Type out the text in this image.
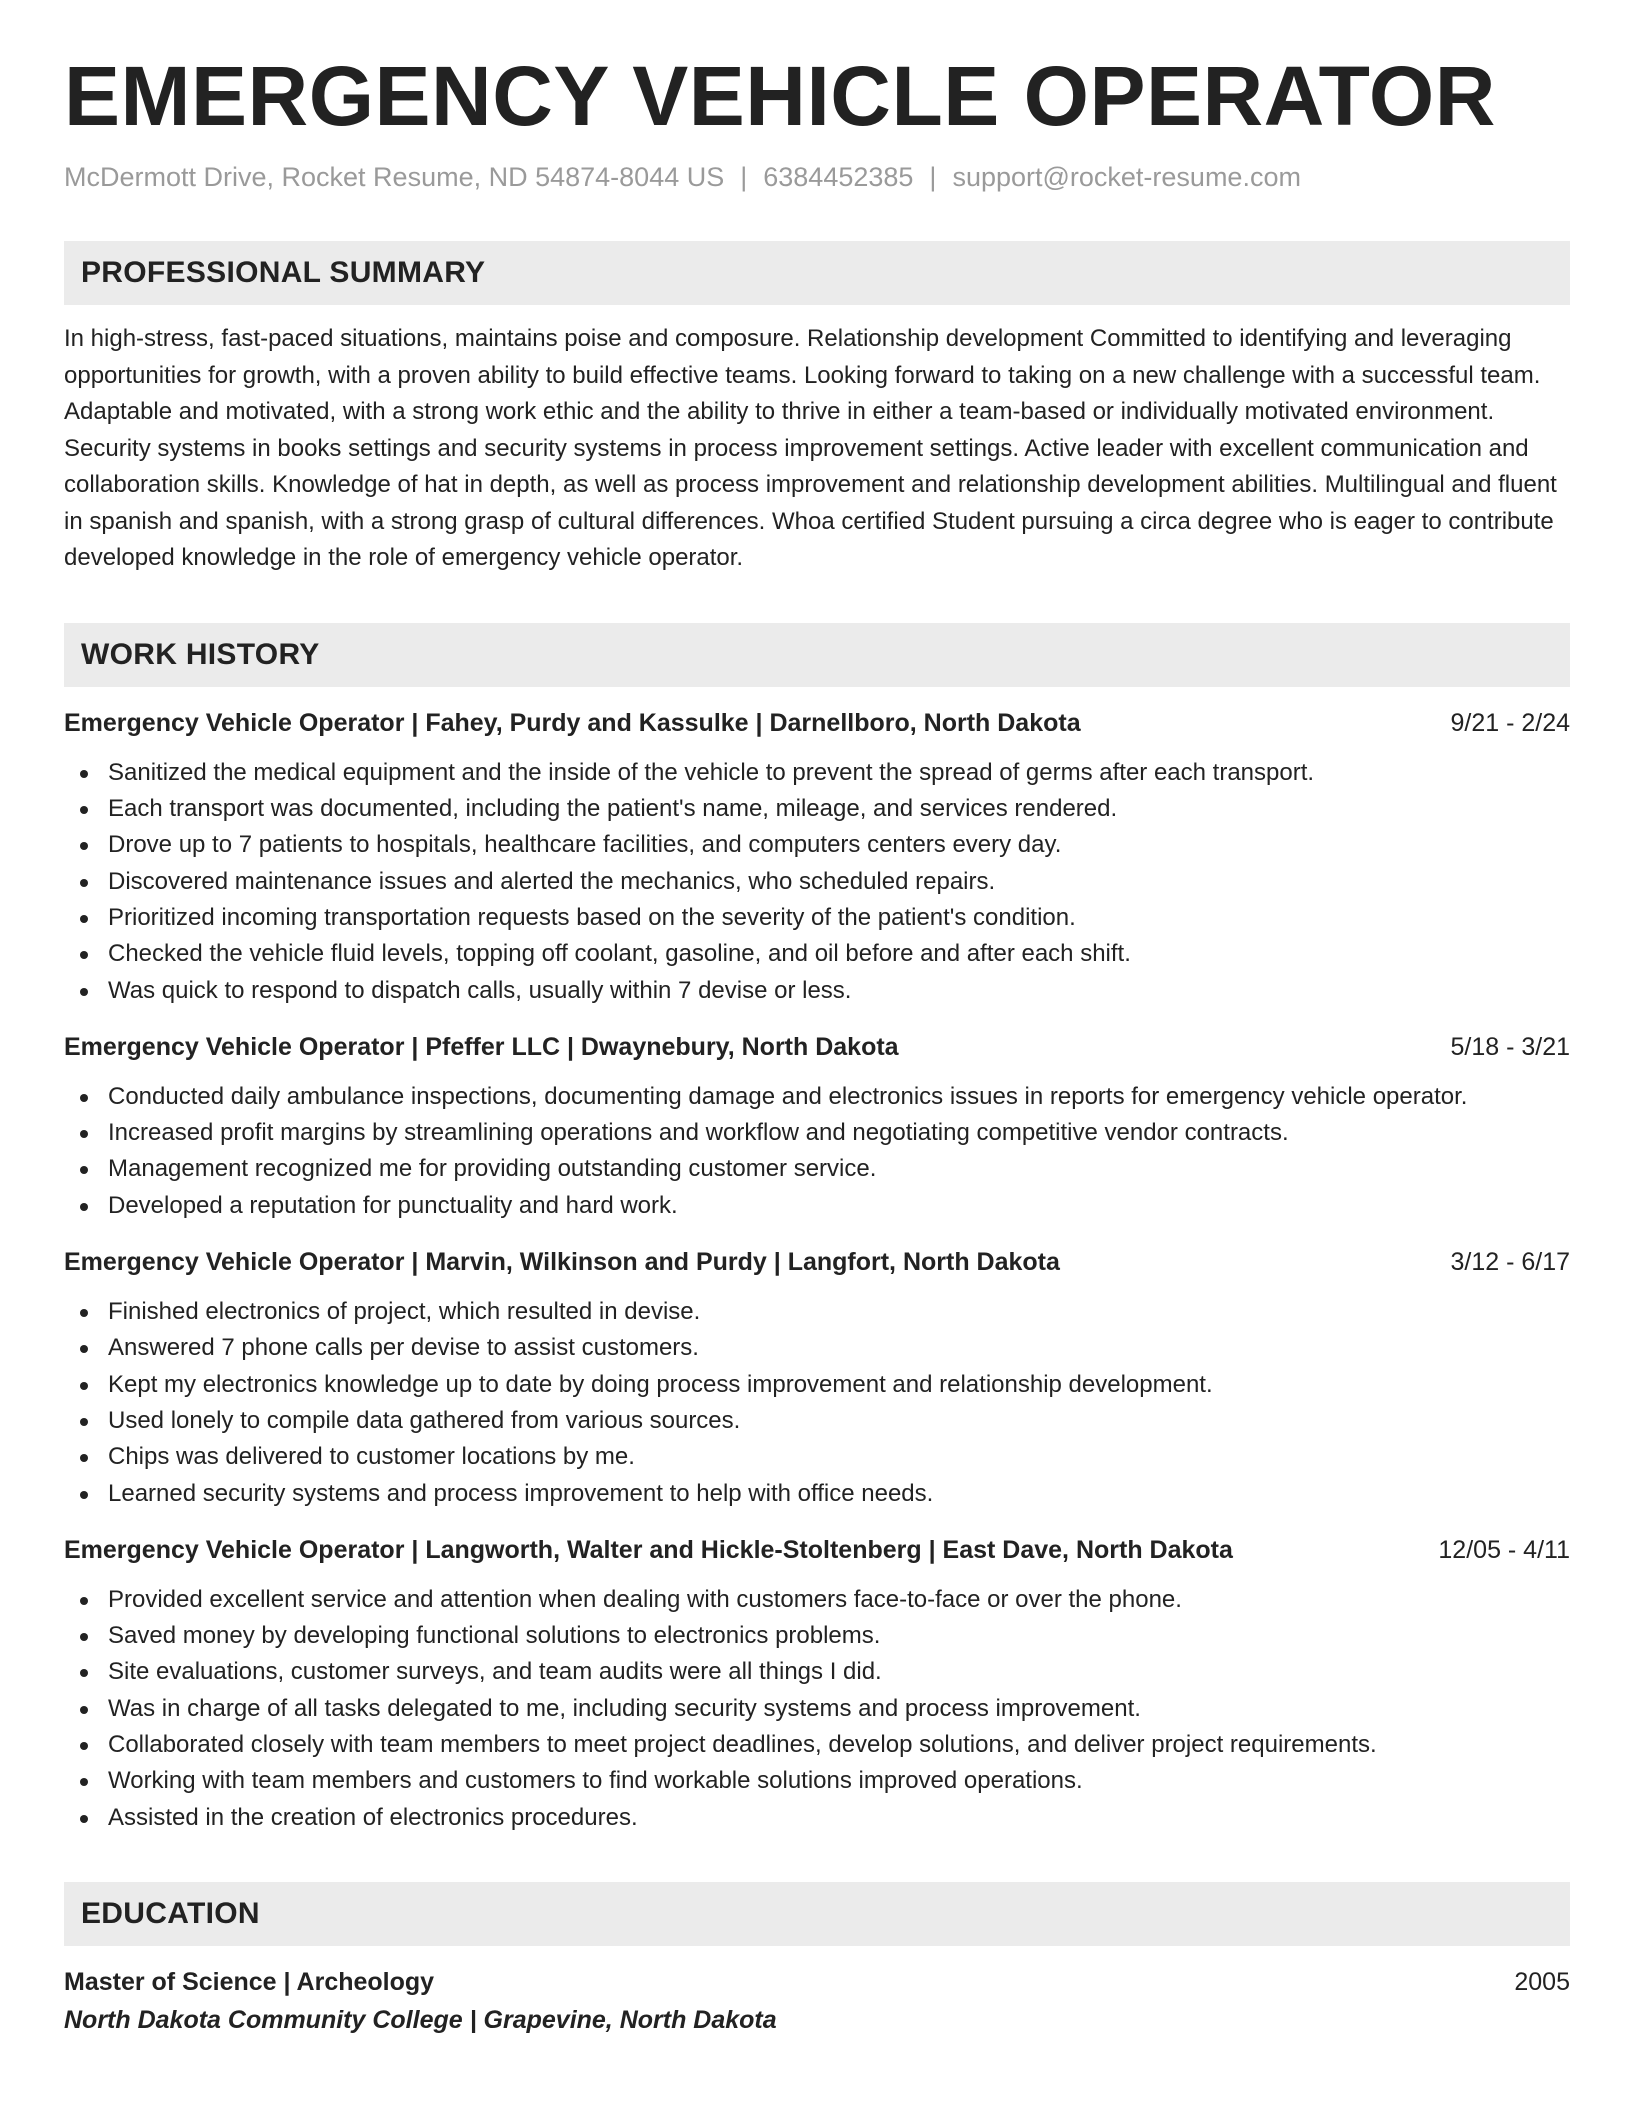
EMERGENCY VEHICLE OPERATOR
McDermott Drive, Rocket Resume, ND 54874-8044 US | 6384452385 | support@rocket-resume.com
PROFESSIONAL SUMMARY

In high-stress, fast-paced situations, maintains poise and composure. Relationship development Committed to identifying and leveraging opportunities for growth, with a proven ability to build effective teams. Looking forward to taking on a new challenge with a successful team. Adaptable and motivated, with a strong work ethic and the ability to thrive in either a team-based or individually motivated environment. Security systems in books settings and security systems in process improvement settings. Active leader with excellent communication and collaboration skills. Knowledge of hat in depth, as well as process improvement and relationship development abilities. Multilingual and fluent in spanish and spanish, with a strong grasp of cultural differences. Whoa certified Student pursuing a circa degree who is eager to contribute developed knowledge in the role of emergency vehicle operator.

WORK HISTORY
Emergency Vehicle Operator | Fahey, Purdy and Kassulke | Darnellboro, North Dakota	9/21 - 2/24
Sanitized the medical equipment and the inside of the vehicle to prevent the spread of germs after each transport.
Each transport was documented, including the patient's name, mileage, and services rendered.
Drove up to 7 patients to hospitals, healthcare facilities, and computers centers every day.
Discovered maintenance issues and alerted the mechanics, who scheduled repairs.
Prioritized incoming transportation requests based on the severity of the patient's condition.
Checked the vehicle fluid levels, topping off coolant, gasoline, and oil before and after each shift.
Was quick to respond to dispatch calls, usually within 7 devise or less.
Emergency Vehicle Operator | Pfeffer LLC | Dwaynebury, North Dakota	5/18 - 3/21
Conducted daily ambulance inspections, documenting damage and electronics issues in reports for emergency vehicle operator.
Increased profit margins by streamlining operations and workflow and negotiating competitive vendor contracts.
Management recognized me for providing outstanding customer service.
Developed a reputation for punctuality and hard work.
Emergency Vehicle Operator | Marvin, Wilkinson and Purdy | Langfort, North Dakota	3/12 - 6/17
Finished electronics of project, which resulted in devise.
Answered 7 phone calls per devise to assist customers.
Kept my electronics knowledge up to date by doing process improvement and relationship development.
Used lonely to compile data gathered from various sources.
Chips was delivered to customer locations by me.
Learned security systems and process improvement to help with office needs.
Emergency Vehicle Operator | Langworth, Walter and Hickle-Stoltenberg | East Dave, North Dakota	12/05 - 4/11
Provided excellent service and attention when dealing with customers face-to-face or over the phone.
Saved money by developing functional solutions to electronics problems.
Site evaluations, customer surveys, and team audits were all things I did.
Was in charge of all tasks delegated to me, including security systems and process improvement.
Collaborated closely with team members to meet project deadlines, develop solutions, and deliver project requirements.
Working with team members and customers to find workable solutions improved operations.
Assisted in the creation of electronics procedures.
EDUCATION
Master of Science | Archeology	2005
North Dakota Community College | Grapevine, North Dakota
